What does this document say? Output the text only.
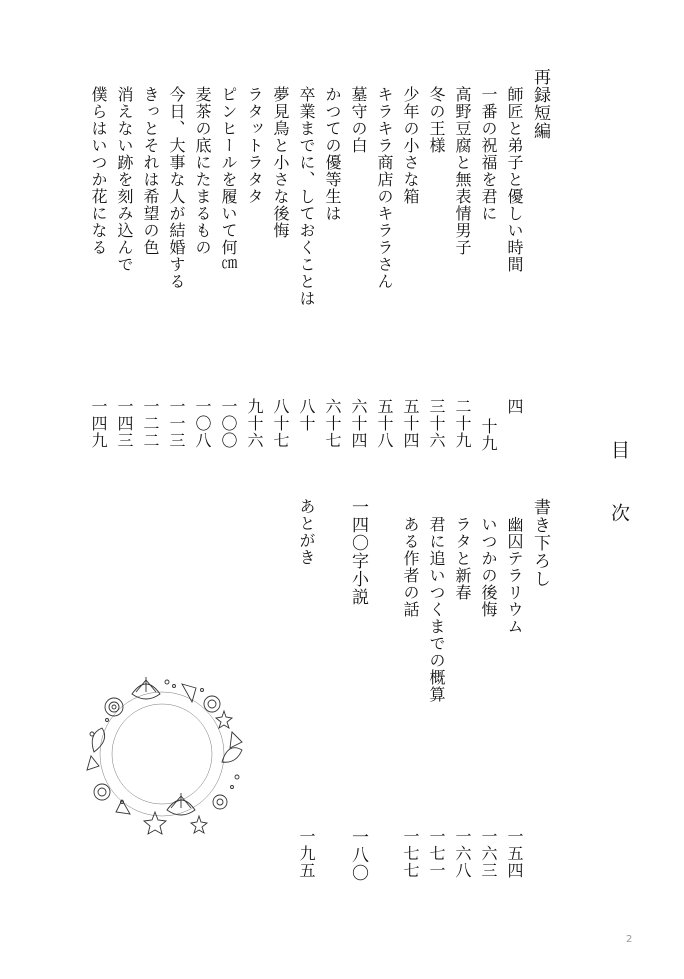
目　　次
再録短編
師匠と弟子と優しい時間
一番の祝福を君に
高野豆腐と無表情男子
冬の王様
少年の小さな箱
キラキラ商店のキララさん
墓守の白
かつての優等生は
卒業までに、しておくことは
夢見鳥と小さな後悔
ラタットラタタ
ピンヒールを履いて何㎝
麦茶の底にたまるもの
今日、大事な人が結婚する
きっとそれは希望の色
消えない跡を刻み込んで
僕らはいつか花になる
四
十九
二十九
三十六
五十四
五十八
六十四
六十七
八十
八十七
九十六
一〇〇
一〇八
一一三
一二二
一四三
一四九
書き下ろし
幽囚テラリウム
いつかの後悔
ラタと新春
君に追いつくまでの概算
ある作者の話
一五四
一六三
一六八
一七一
一七七
一四〇字小説
一八〇
あとがき
一九五
2
